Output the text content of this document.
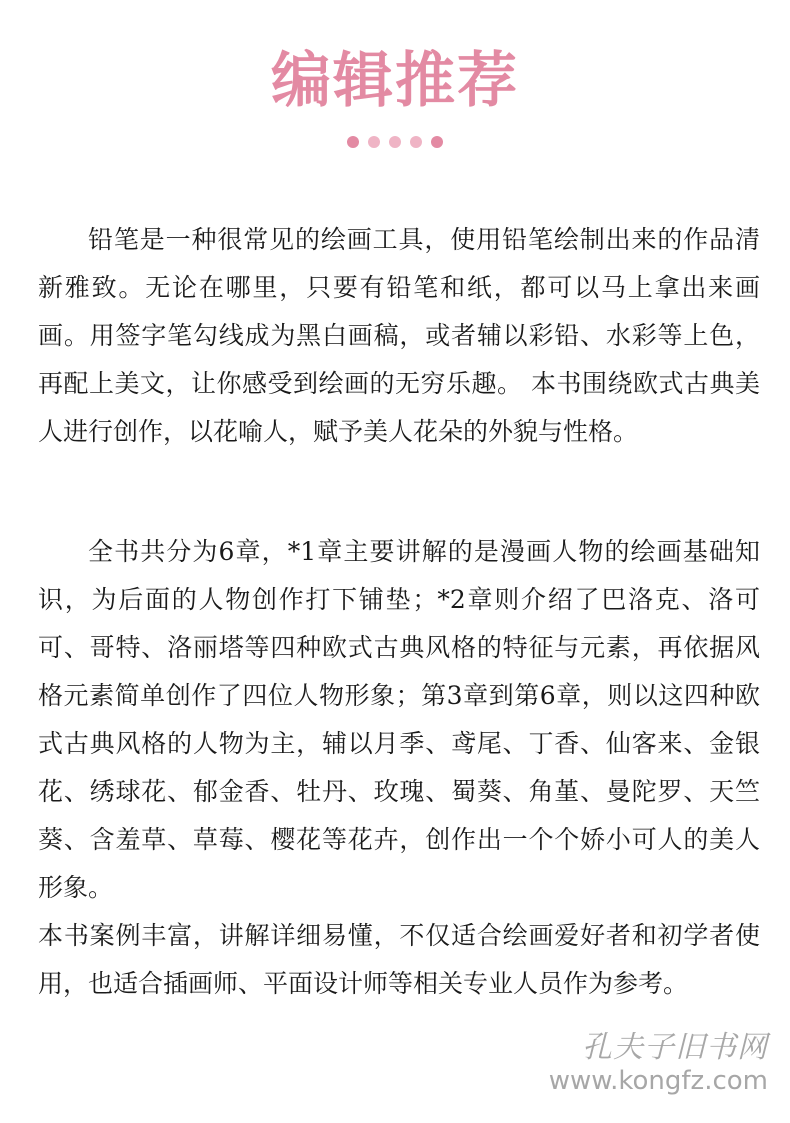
编辑推荐

铅笔是一种很常见的绘画工具，使用铅笔绘制出来的作品清新雅致。无论在哪里，只要有铅笔和纸，都可以马上拿出来画画。用签字笔勾线成为黑白画稿，或者辅以彩铅、水彩等上色，再配上美文，让你感受到绘画的无穷乐趣。 本书围绕欧式古典美人进行创作，以花喻人，赋予美人花朵的外貌与性格。

全书共分为6章，*1章主要讲解的是漫画人物的绘画基础知识，为后面的人物创作打下铺垫；*2章则介绍了巴洛克、洛可可、哥特、洛丽塔等四种欧式古典风格的特征与元素，再依据风格元素简单创作了四位人物形象；第3章到第6章，则以这四种欧式古典风格的人物为主，辅以月季、鸢尾、丁香、仙客来、金银花、绣球花、郁金香、牡丹、玫瑰、蜀葵、角堇、曼陀罗、天竺葵、含羞草、草莓、樱花等花卉，创作出一个个娇小可人的美人形象。

本书案例丰富，讲解详细易懂，不仅适合绘画爱好者和初学者使用，也适合插画师、平面设计师等相关专业人员作为参考。

孔夫子旧书网
www.kongfz.com
